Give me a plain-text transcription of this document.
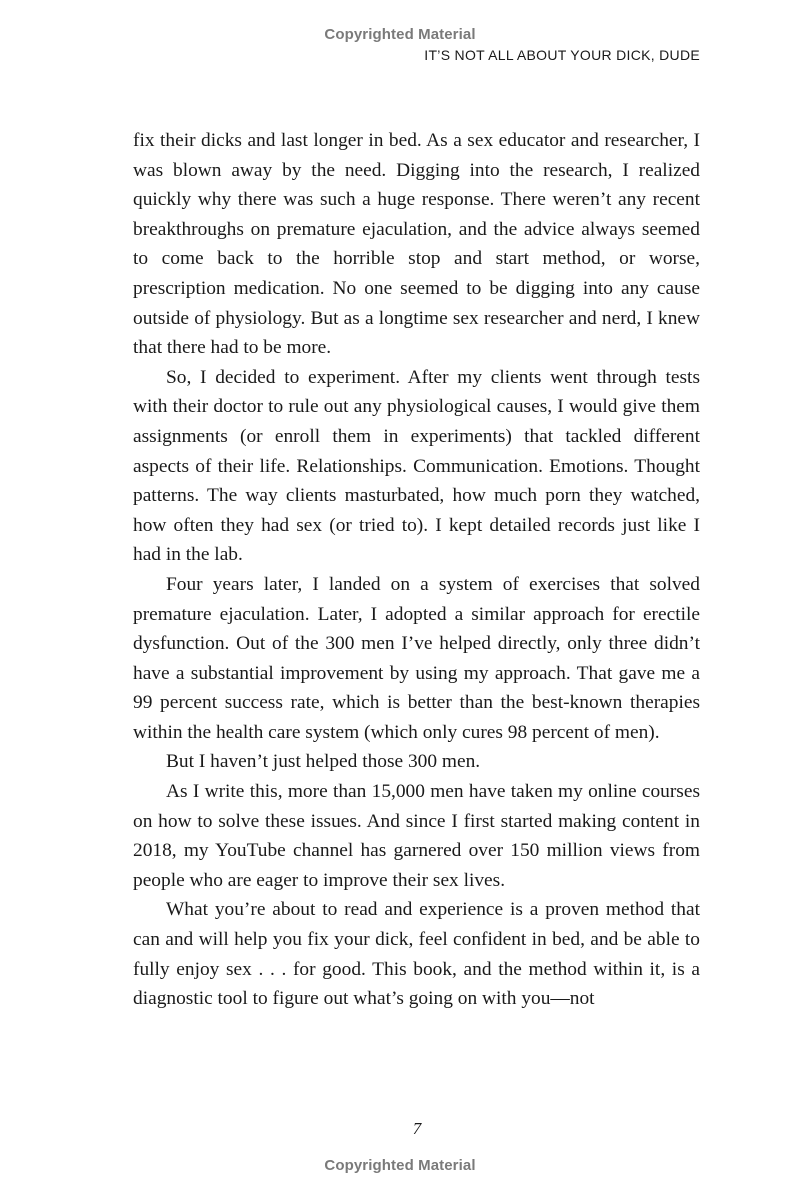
Copyrighted Material
IT’S NOT ALL ABOUT YOUR DICK, DUDE

fix their dicks and last longer in bed. As a sex educator and researcher, I was blown away by the need. Digging into the research, I realized quickly why there was such a huge response. There weren’t any recent breakthroughs on premature ejaculation, and the advice always seemed to come back to the horrible stop and start method, or worse, prescription medication. No one seemed to be digging into any cause outside of physiology. But as a longtime sex researcher and nerd, I knew that there had to be more.

So, I decided to experiment. After my clients went through tests with their doctor to rule out any physiological causes, I would give them assignments (or enroll them in experiments) that tackled different aspects of their life. Relationships. Communication. Emotions. Thought patterns. The way clients masturbated, how much porn they watched, how often they had sex (or tried to). I kept detailed records just like I had in the lab.

Four years later, I landed on a system of exercises that solved premature ejaculation. Later, I adopted a similar approach for erectile dysfunction. Out of the 300 men I’ve helped directly, only three didn’t have a substantial improvement by using my approach. That gave me a 99 percent success rate, which is better than the best-known therapies within the health care system (which only cures 98 percent of men).

But I haven’t just helped those 300 men.

As I write this, more than 15,000 men have taken my online courses on how to solve these issues. And since I first started making content in 2018, my YouTube channel has garnered over 150 million views from people who are eager to improve their sex lives.

What you’re about to read and experience is a proven method that can and will help you fix your dick, feel confident in bed, and be able to fully enjoy sex . . . for good. This book, and the method within it, is a diagnostic tool to figure out what’s going on with you—not

7
Copyrighted Material
